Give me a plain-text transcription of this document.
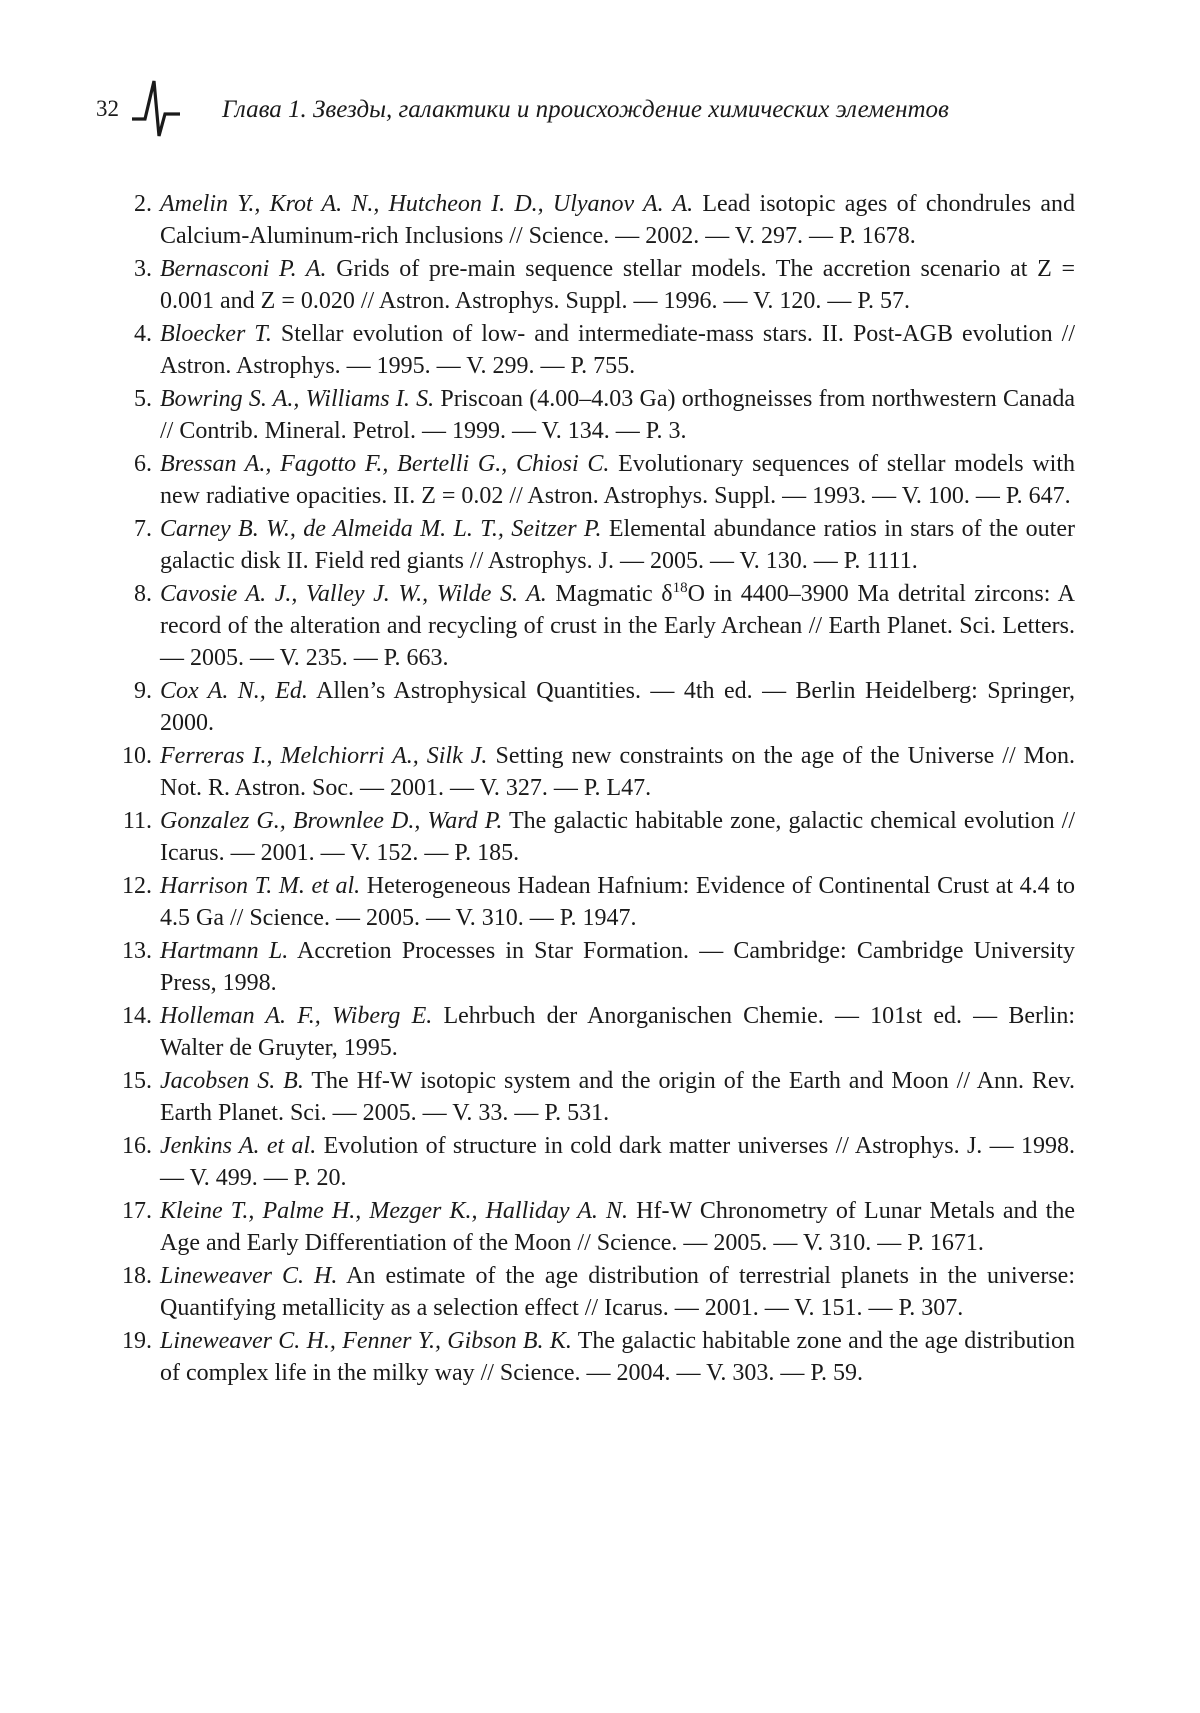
32	Глава 1. Звезды, галактики и происхождение химических элементов
2. Amelin Y., Krot A. N., Hutcheon I. D., Ulyanov A. A. Lead isotopic ages of chondrules and Calcium-Aluminum-rich Inclusions // Science. — 2002. — V. 297. — P. 1678.
3. Bernasconi P. A. Grids of pre-main sequence stellar models. The accretion scenario at Z = 0.001 and Z = 0.020 // Astron. Astrophys. Suppl. — 1996. — V. 120. — P. 57.
4. Bloecker T. Stellar evolution of low- and intermediate-mass stars. II. Post-AGB evolution // Astron. Astrophys. — 1995. — V. 299. — P. 755.
5. Bowring S. A., Williams I. S. Priscoan (4.00–4.03 Ga) orthogneisses from northwestern Canada // Contrib. Mineral. Petrol. — 1999. — V. 134. — P. 3.
6. Bressan A., Fagotto F., Bertelli G., Chiosi C. Evolutionary sequences of stellar models with new radiative opacities. II. Z = 0.02 // Astron. Astrophys. Suppl. — 1993. — V. 100. — P. 647.
7. Carney B. W., de Almeida M. L. T., Seitzer P. Elemental abundance ratios in stars of the outer galactic disk II. Field red giants // Astrophys. J. — 2005. — V. 130. — P. 1111.
8. Cavosie A. J., Valley J. W., Wilde S. A. Magmatic $\delta^{18}O$ in 4400–3900 Ma detrital zircons: A record of the alteration and recycling of crust in the Early Archean // Earth Planet. Sci. Letters. — 2005. — V. 235. — P. 663.
9. Cox A. N., Ed. Allen’s Astrophysical Quantities. — 4th ed. — Berlin Heidelberg: Springer, 2000.
10. Ferreras I., Melchiorri A., Silk J. Setting new constraints on the age of the Universe // Mon. Not. R. Astron. Soc. — 2001. — V. 327. — P. L47.
11. Gonzalez G., Brownlee D., Ward P. The galactic habitable zone, galactic chemical evolution // Icarus. — 2001. — V. 152. — P. 185.
12. Harrison T. M. et al. Heterogeneous Hadean Hafnium: Evidence of Continental Crust at 4.4 to 4.5 Ga // Science. — 2005. — V. 310. — P. 1947.
13. Hartmann L. Accretion Processes in Star Formation. — Cambridge: Cambridge University Press, 1998.
14. Holleman A. F., Wiberg E. Lehrbuch der Anorganischen Chemie. — 101st ed. — Berlin: Walter de Gruyter, 1995.
15. Jacobsen S. B. The Hf-W isotopic system and the origin of the Earth and Moon // Ann. Rev. Earth Planet. Sci. — 2005. — V. 33. — P. 531.
16. Jenkins A. et al. Evolution of structure in cold dark matter universes // Astrophys. J. — 1998. — V. 499. — P. 20.
17. Kleine T., Palme H., Mezger K., Halliday A. N. Hf-W Chronometry of Lunar Metals and the Age and Early Differentiation of the Moon // Science. — 2005. — V. 310. — P. 1671.
18. Lineweaver C. H. An estimate of the age distribution of terrestrial planets in the universe: Quantifying metallicity as a selection effect // Icarus. — 2001. — V. 151. — P. 307.
19. Lineweaver C. H., Fenner Y., Gibson B. K. The galactic habitable zone and the age distribution of complex life in the milky way // Science. — 2004. — V. 303. — P. 59.
